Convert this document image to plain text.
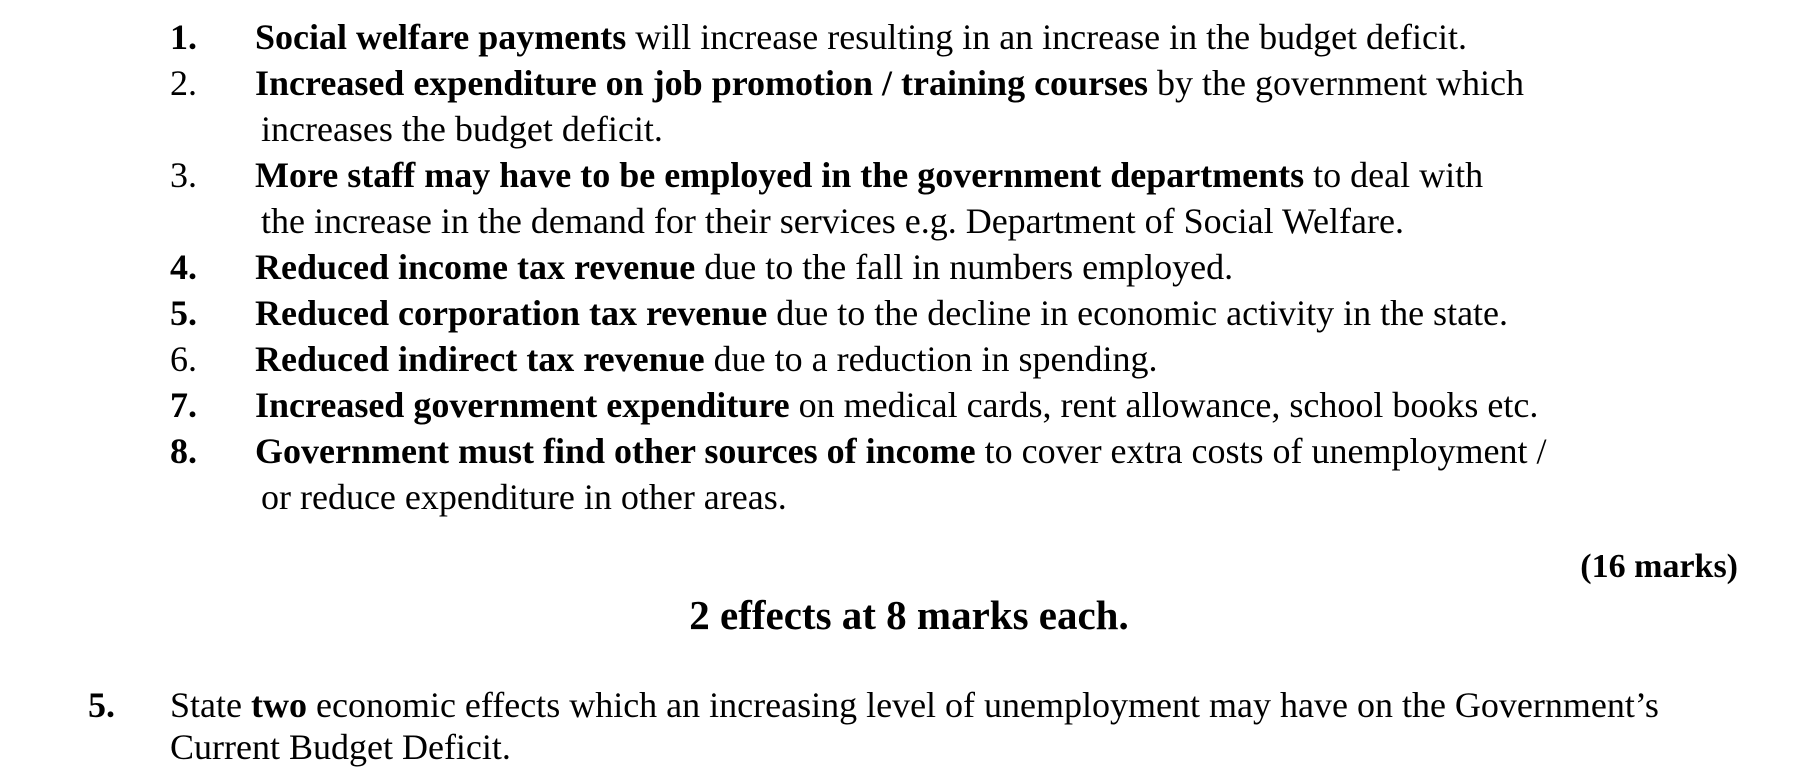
1. Social welfare payments will increase resulting in an increase in the budget deficit.
2. Increased expenditure on job promotion / training courses by the government which
increases the budget deficit.
3. More staff may have to be employed in the government departments to deal with
the increase in the demand for their services e.g. Department of Social Welfare.
4. Reduced income tax revenue due to the fall in numbers employed.
5. Reduced corporation tax revenue due to the decline in economic activity in the state.
6. Reduced indirect tax revenue due to a reduction in spending.
7. Increased government expenditure on medical cards, rent allowance, school books etc.
8. Government must find other sources of income to cover extra costs of unemployment /
or reduce expenditure in other areas.
(16 marks)
2 effects at 8 marks each.
5. State two economic effects which an increasing level of unemployment may have on the Government’s Current Budget Deficit.
